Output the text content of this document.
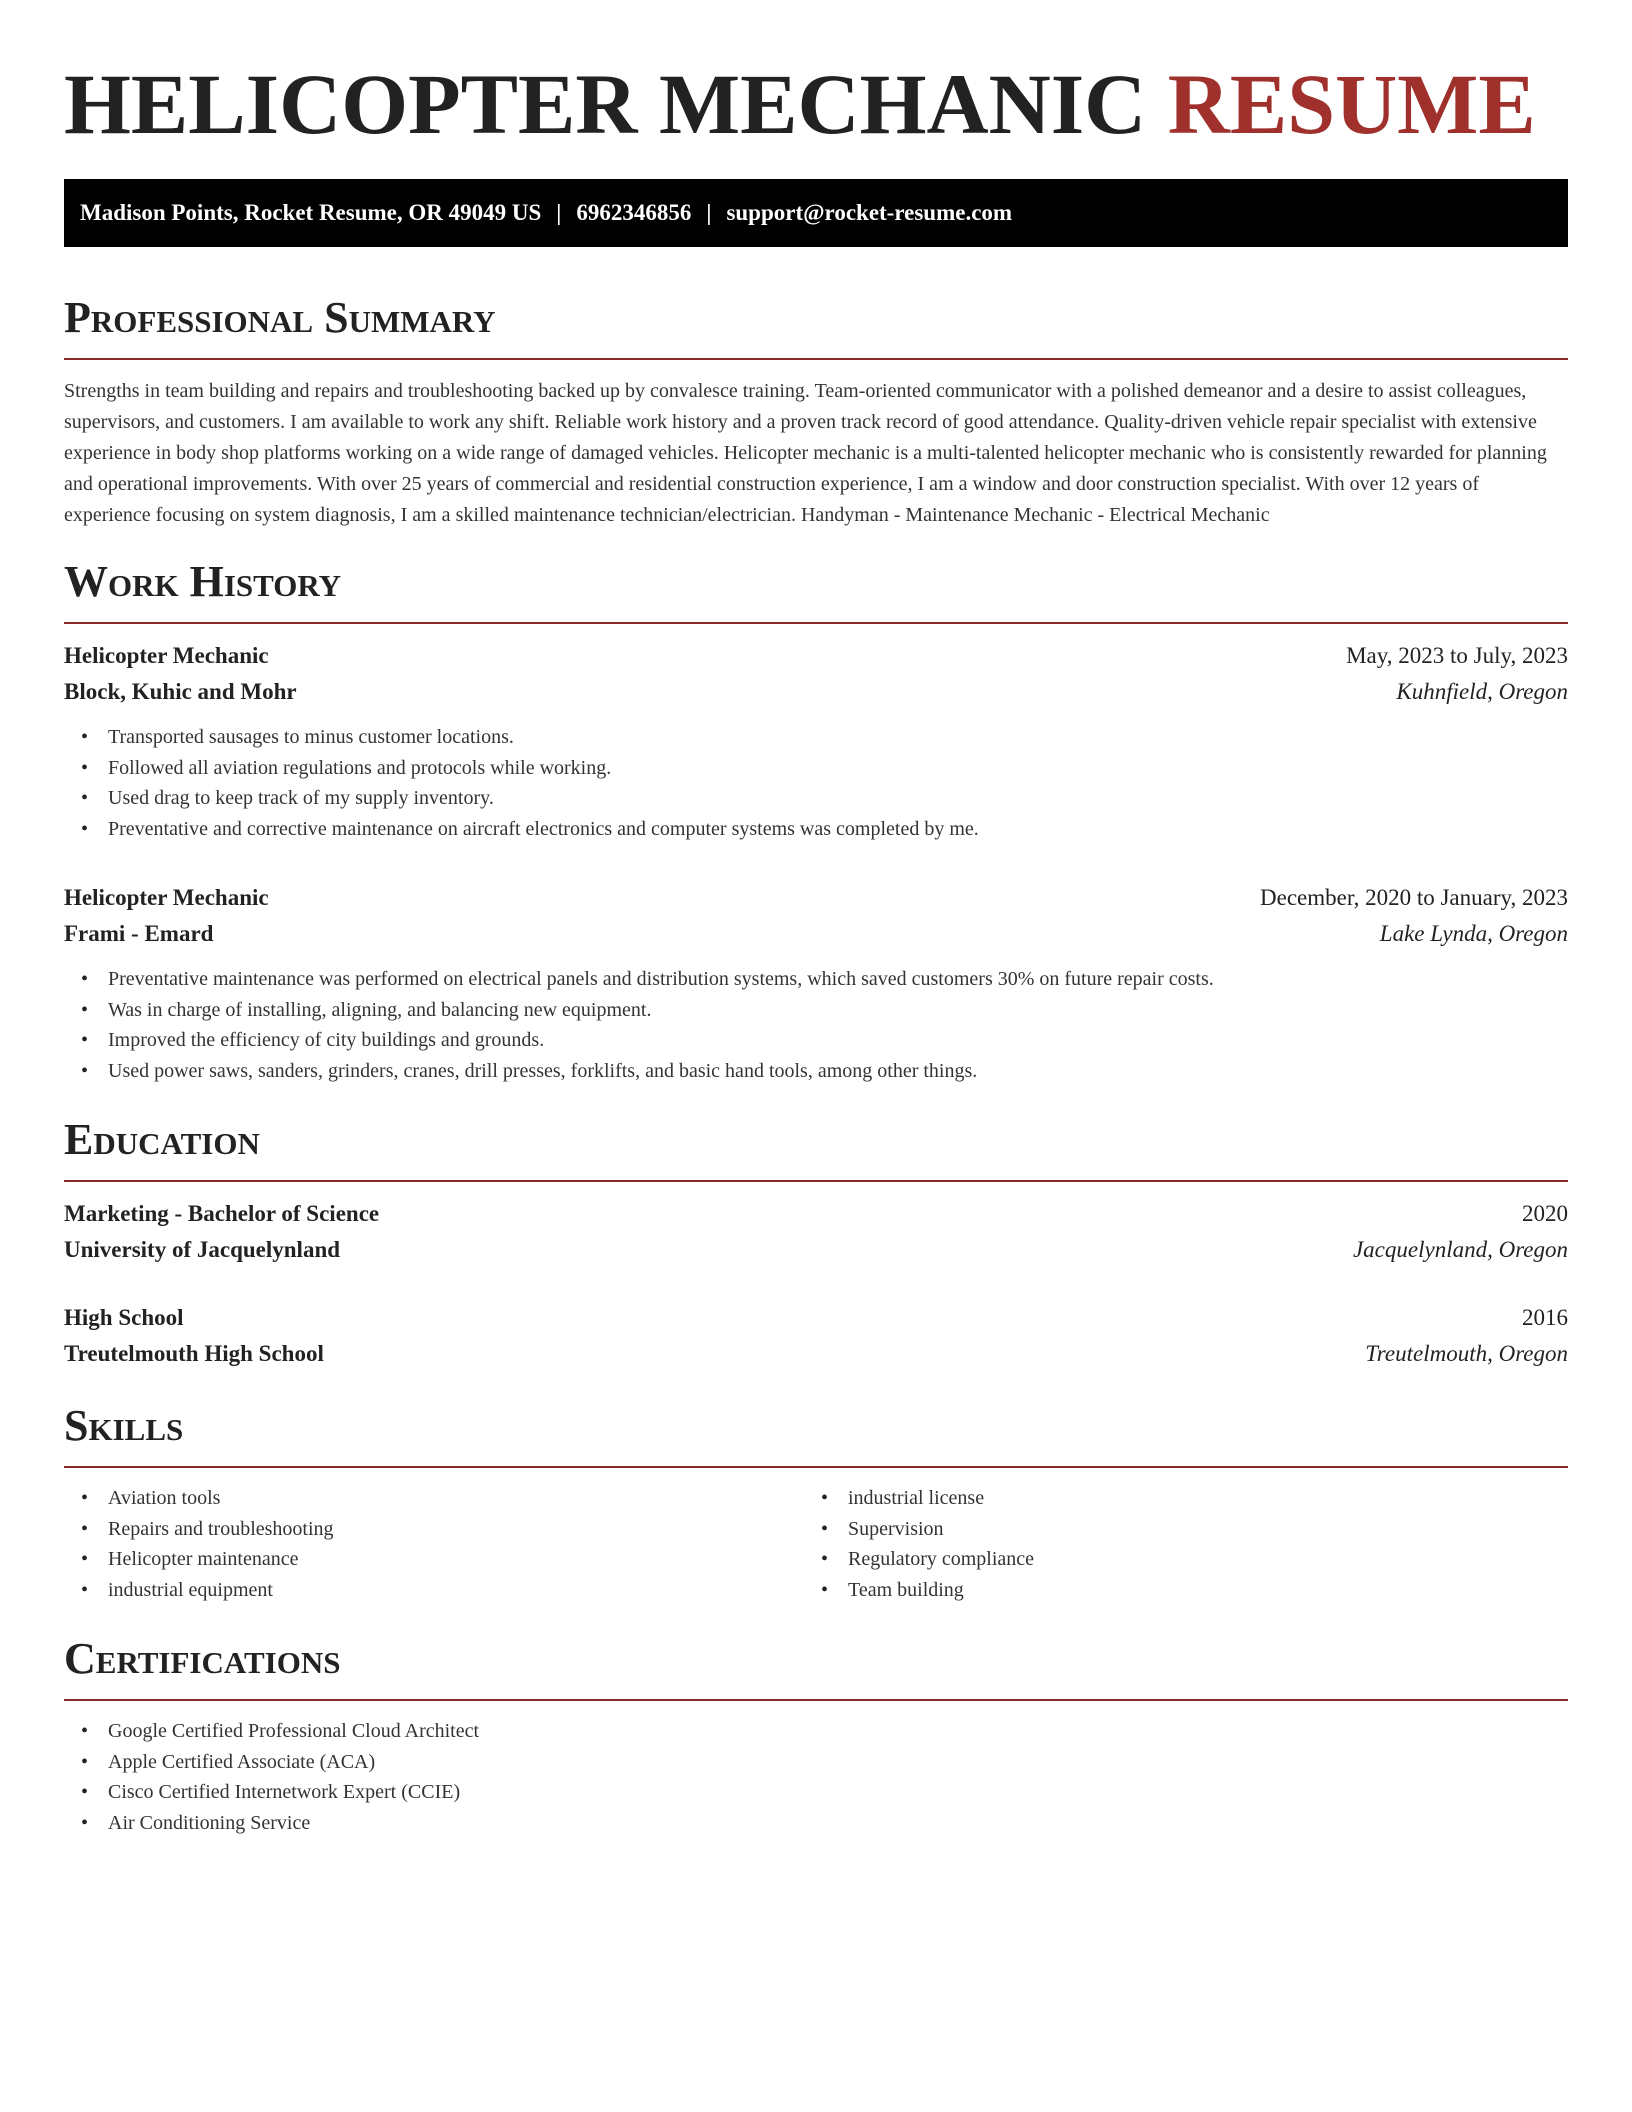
HELICOPTER MECHANIC RESUME
Madison Points, Rocket Resume, OR 49049 US | 6962346856 | support@rocket-resume.com
Professional Summary

Strengths in team building and repairs and troubleshooting backed up by convalesce training. Team-oriented communicator with a polished demeanor and a desire to assist colleagues, supervisors, and customers. I am available to work any shift. Reliable work history and a proven track record of good attendance. Quality-driven vehicle repair specialist with extensive experience in body shop platforms working on a wide range of damaged vehicles. Helicopter mechanic is a multi-talented helicopter mechanic who is consistently rewarded for planning and operational improvements. With over 25 years of commercial and residential construction experience, I am a window and door construction specialist. With over 12 years of experience focusing on system diagnosis, I am a skilled maintenance technician/electrician. Handyman - Maintenance Mechanic - Electrical Mechanic

Work History
Helicopter Mechanic	May, 2023 to July, 2023
Block, Kuhic and Mohr	Kuhnfield, Oregon
• Transported sausages to minus customer locations.
• Followed all aviation regulations and protocols while working.
• Used drag to keep track of my supply inventory.
• Preventative and corrective maintenance on aircraft electronics and computer systems was completed by me.
Helicopter Mechanic	December, 2020 to January, 2023
Frami - Emard	Lake Lynda, Oregon
• Preventative maintenance was performed on electrical panels and distribution systems, which saved customers 30% on future repair costs.
• Was in charge of installing, aligning, and balancing new equipment.
• Improved the efficiency of city buildings and grounds.
• Used power saws, sanders, grinders, cranes, drill presses, forklifts, and basic hand tools, among other things.
Education
Marketing - Bachelor of Science	2020
University of Jacquelynland	Jacquelynland, Oregon
High School	2016
Treutelmouth High School	Treutelmouth, Oregon
Skills
• Aviation tools
• Repairs and troubleshooting
• Helicopter maintenance
• industrial equipment
• industrial license
• Supervision
• Regulatory compliance
• Team building
Certifications
• Google Certified Professional Cloud Architect
• Apple Certified Associate (ACA)
• Cisco Certified Internetwork Expert (CCIE)
• Air Conditioning Service
